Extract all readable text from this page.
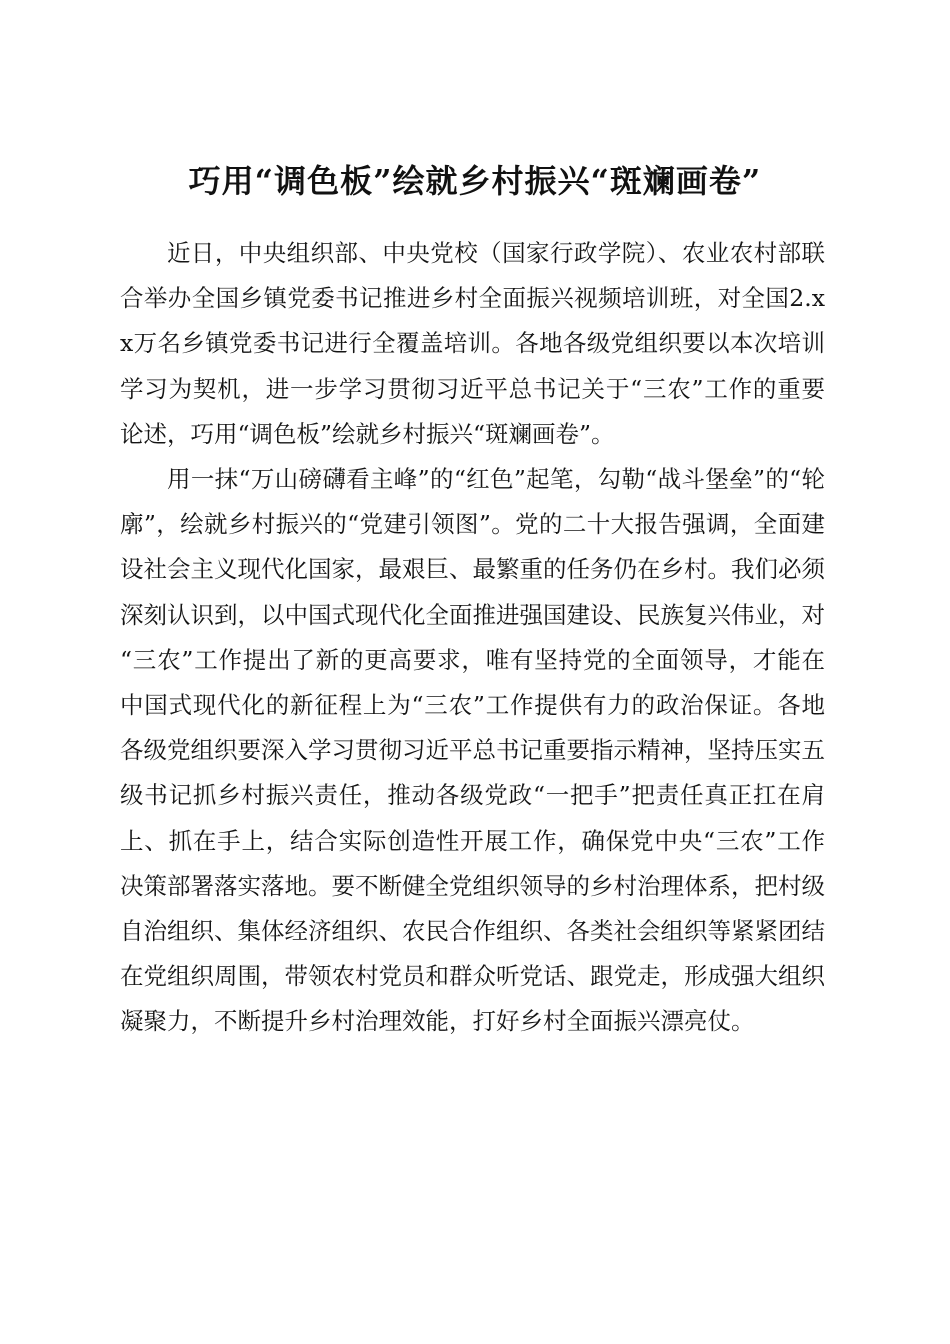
巧用“调色板”绘就乡村振兴“斑斓画卷”

近日，中央组织部、中央党校（国家行政学院）、农业农村部联合举办全国乡镇党委书记推进乡村全面振兴视频培训班，对全国2.xx万名乡镇党委书记进行全覆盖培训。各地各级党组织要以本次培训学习为契机，进一步学习贯彻习近平总书记关于“三农”工作的重要论述，巧用“调色板”绘就乡村振兴“斑斓画卷”。

用一抹“万山磅礴看主峰”的“红色”起笔，勾勒“战斗堡垒”的“轮廓”，绘就乡村振兴的“党建引领图”。党的二十大报告强调，全面建设社会主义现代化国家，最艰巨、最繁重的任务仍在乡村。我们必须深刻认识到，以中国式现代化全面推进强国建设、民族复兴伟业，对“三农”工作提出了新的更高要求，唯有坚持党的全面领导，才能在中国式现代化的新征程上为“三农”工作提供有力的政治保证。各地各级党组织要深入学习贯彻习近平总书记重要指示精神，坚持压实五级书记抓乡村振兴责任，推动各级党政“一把手”把责任真正扛在肩上、抓在手上，结合实际创造性开展工作，确保党中央“三农”工作决策部署落实落地。要不断健全党组织领导的乡村治理体系，把村级自治组织、集体经济组织、农民合作组织、各类社会组织等紧紧团结在党组织周围，带领农村党员和群众听党话、跟党走，形成强大组织凝聚力，不断提升乡村治理效能，打好乡村全面振兴漂亮仗。
